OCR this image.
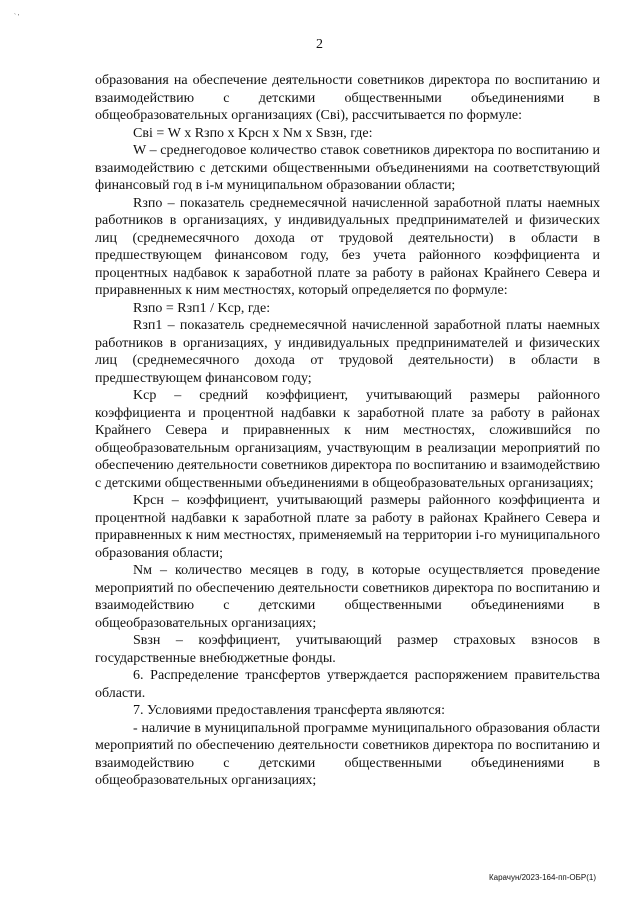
` ’
2

образования на обеспечение деятельности советников директора по воспитанию и взаимодействию с детскими общественными объединениями в общеобразовательных организациях (Сві), рассчитывается по формуле:

Сві = W x Rзпо x Kрсн x Nм x Sвзн, где:

W – среднегодовое количество ставок советников директора по воспитанию и взаимодействию с детскими общественными объединениями на соответствующий финансовый год в і-м муниципальном образовании области;

Rзпо – показатель среднемесячной начисленной заработной платы наемных работников в организациях, у индивидуальных предпринимателей и физических лиц (среднемесячного дохода от трудовой деятельности) в области в предшествующем финансовом году, без учета районного коэффициента и процентных надбавок к заработной плате за работу в районах Крайнего Севера и приравненных к ним местностях, который определяется по формуле:

Rзпо = Rзп1 / Kср, где:

Rзп1 – показатель среднемесячной начисленной заработной платы наемных работников в организациях, у индивидуальных предпринимателей и физических лиц (среднемесячного дохода от трудовой деятельности) в области в предшествующем финансовом году;

Kср – средний коэффициент, учитывающий размеры районного коэффициента и процентной надбавки к заработной плате за работу в районах Крайнего Севера и приравненных к ним местностях, сложившийся по общеобразовательным организациям, участвующим в реализации мероприятий по обеспечению деятельности советников директора по воспитанию и взаимодействию с детскими общественными объединениями в общеобразовательных организациях;

Kрсн – коэффициент, учитывающий размеры районного коэффициента и процентной надбавки к заработной плате за работу в районах Крайнего Севера и приравненных к ним местностях, применяемый на территории і-го муниципального образования области;

Nм – количество месяцев в году, в которые осуществляется проведение мероприятий по обеспечению деятельности советников директора по воспитанию и взаимодействию с детскими общественными объединениями в общеобразовательных организациях;

Sвзн – коэффициент, учитывающий размер страховых взносов в государственные внебюджетные фонды.

6. Распределение трансфертов утверждается распоряжением правительства области.

7. Условиями предоставления трансферта являются:

- наличие в муниципальной программе муниципального образования области мероприятий по обеспечению деятельности советников директора по воспитанию и взаимодействию с детскими общественными объединениями в общеобразовательных организациях;

Карачун/2023-164-пп-ОБР(1)
